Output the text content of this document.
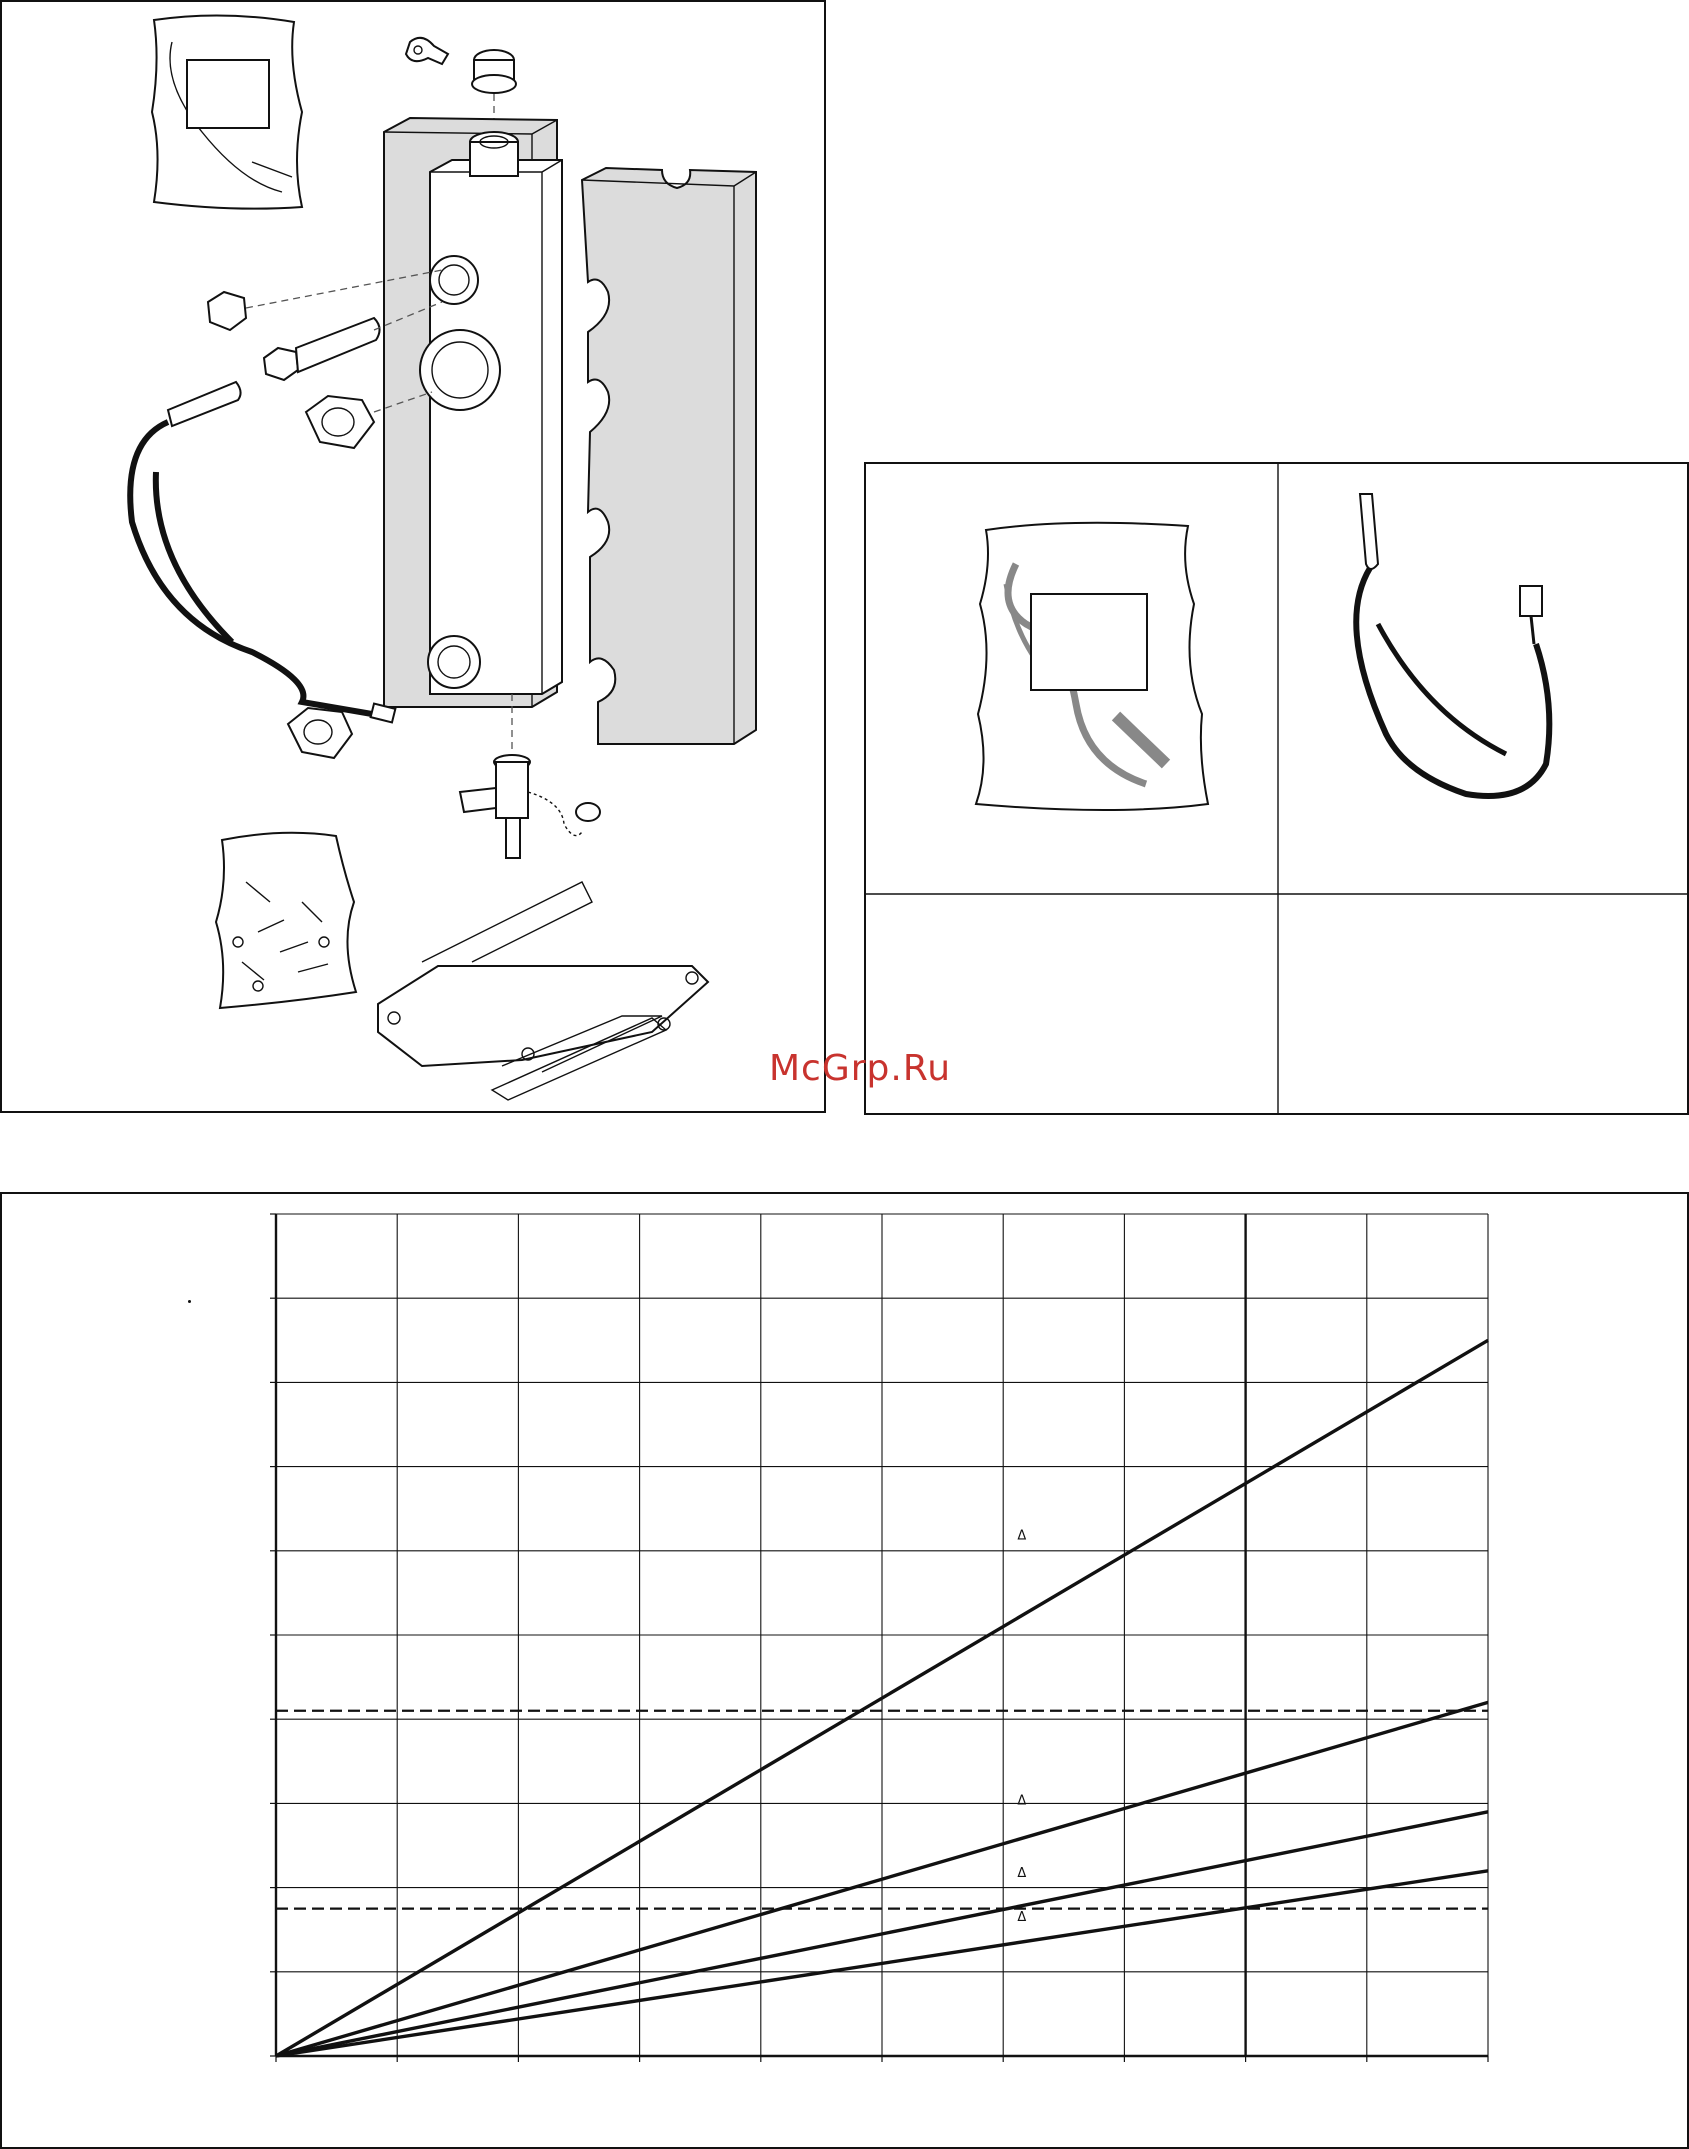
McGrp.Ru
Δ
Δ
Δ
Δ
